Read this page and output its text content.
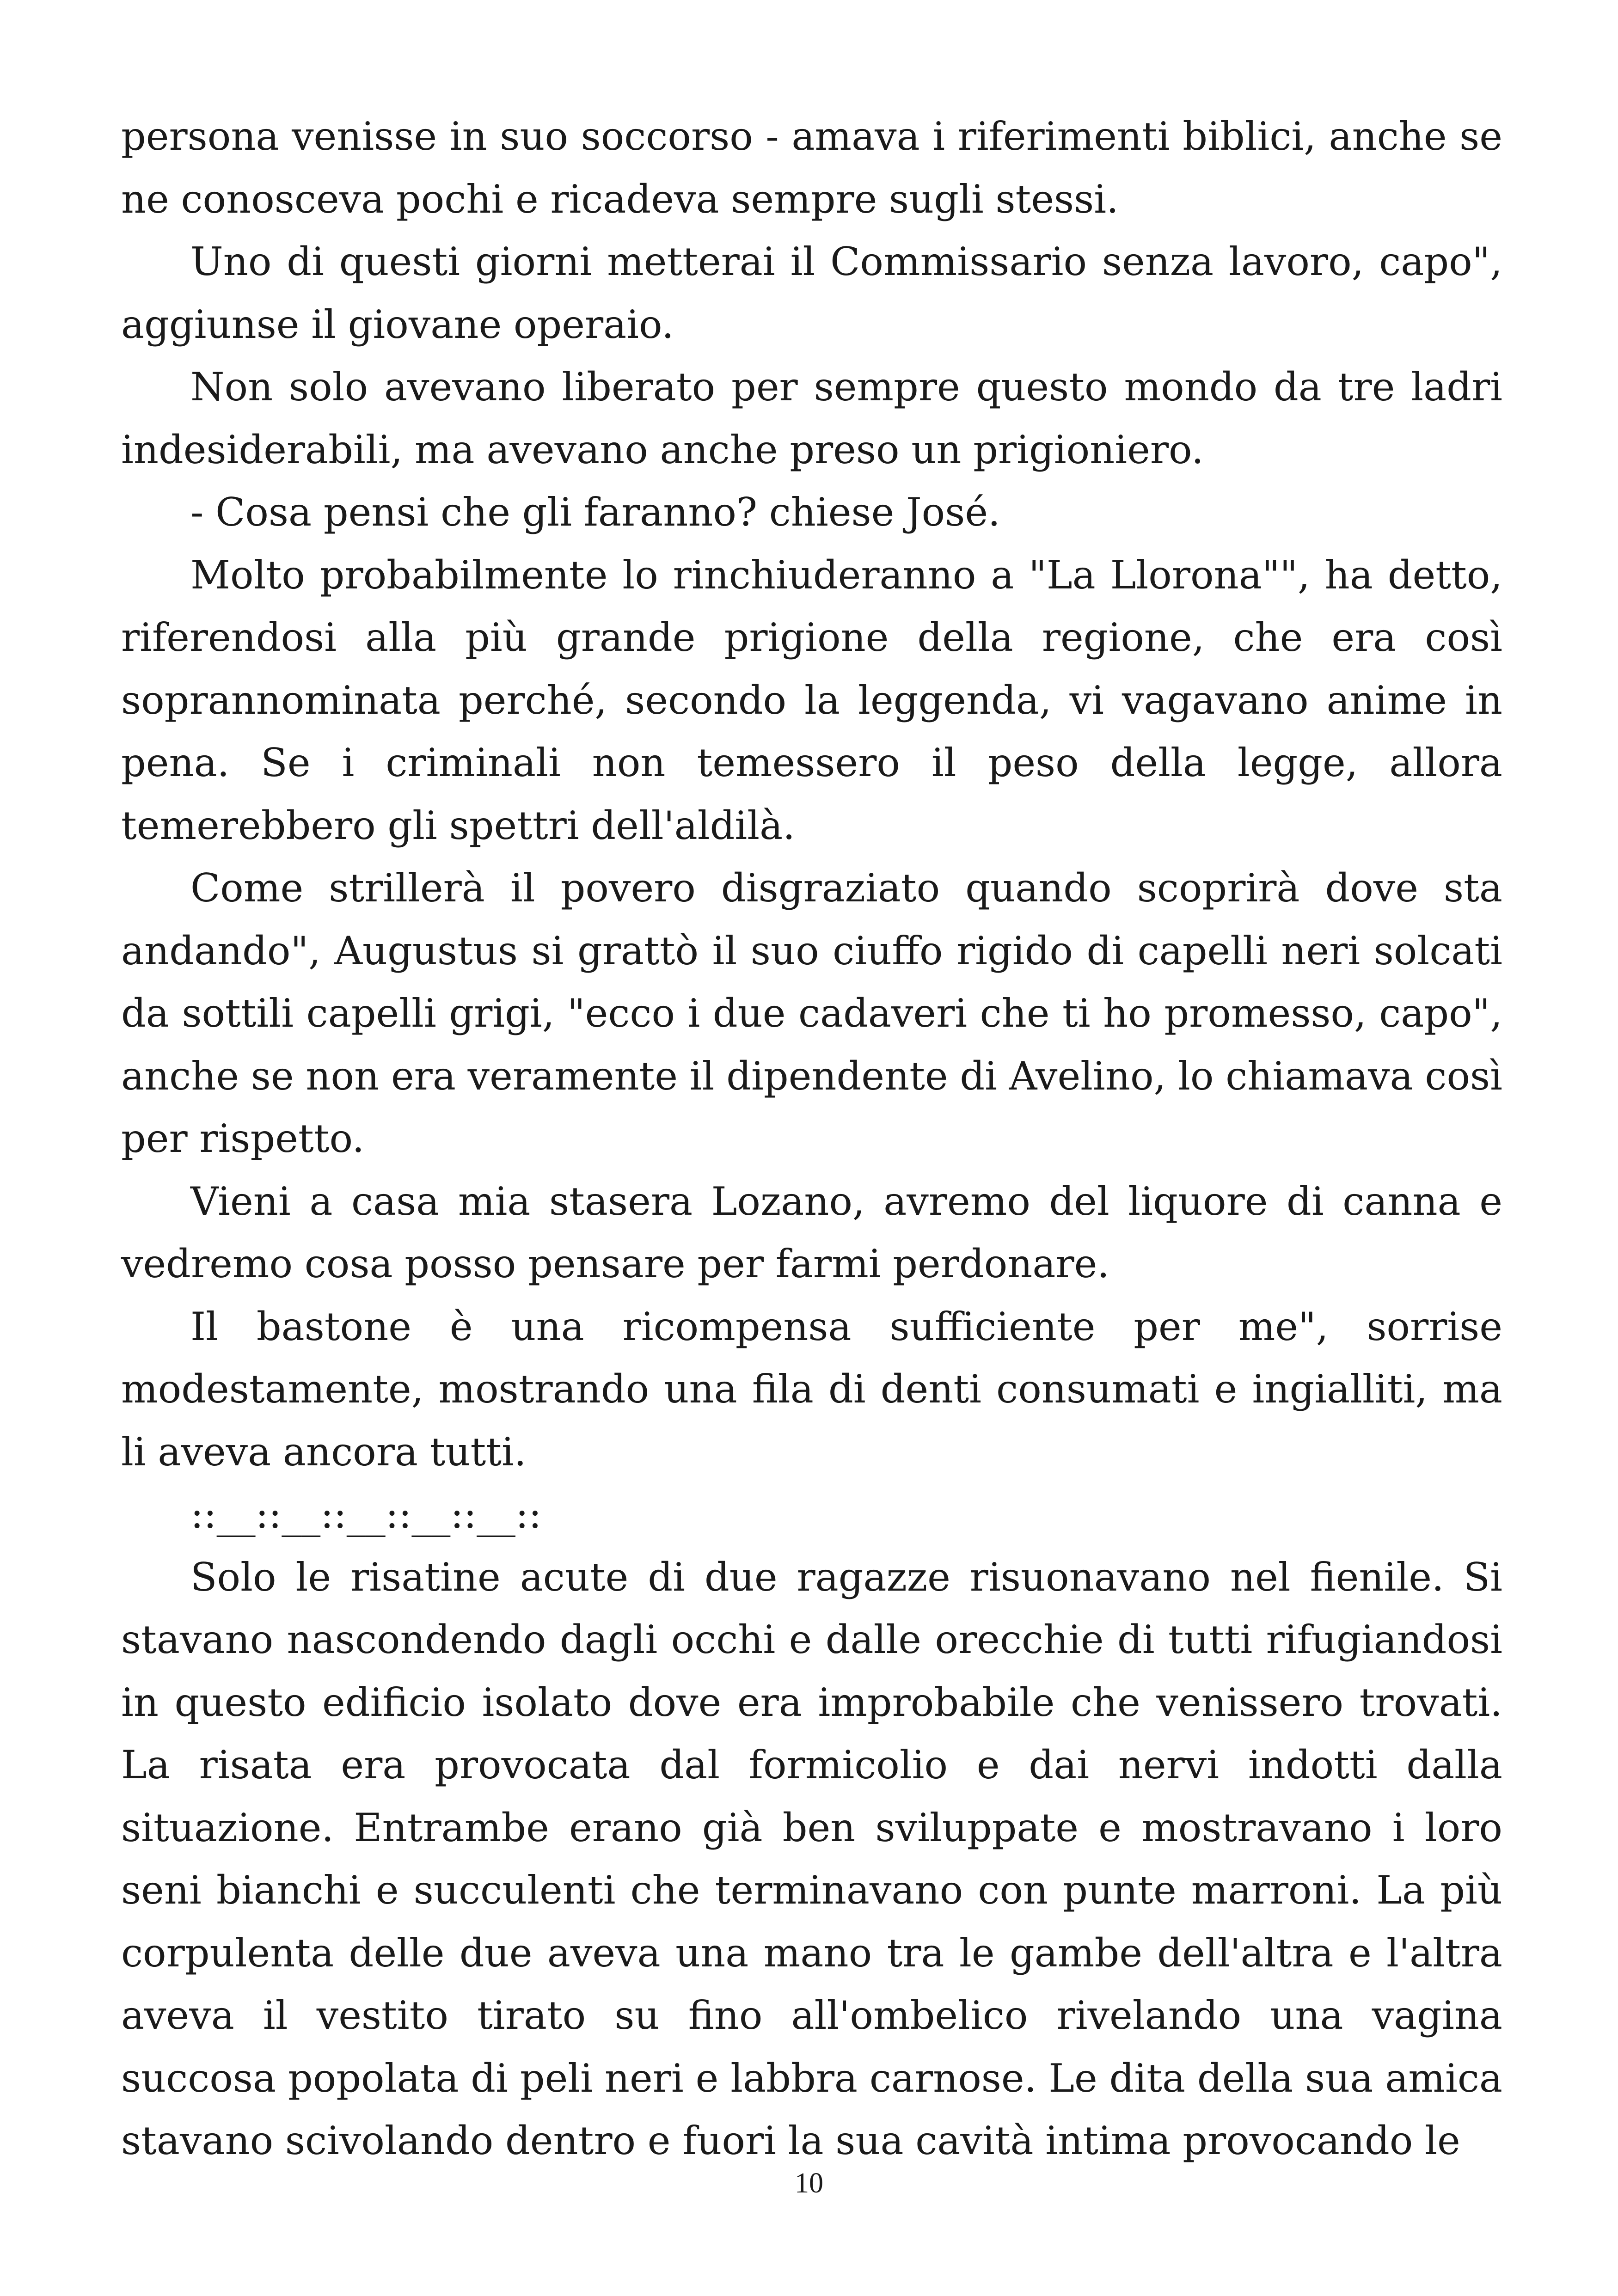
persona venisse in suo soccorso - amava i riferimenti biblici, anche se ne conosceva pochi e ricadeva sempre sugli stessi.

Uno di questi giorni metterai il Commissario senza lavoro, capo", aggiunse il giovane operaio.

Non solo avevano liberato per sempre questo mondo da tre ladri indesiderabili, ma avevano anche preso un prigioniero.

- Cosa pensi che gli faranno? chiese José.

Molto probabilmente lo rinchiuderanno a "La Llorona"", ha detto, riferendosi alla più grande prigione della regione, che era così soprannominata perché, secondo la leggenda, vi vagavano anime in pena. Se i criminali non temessero il peso della legge, allora temerebbero gli spettri dell'aldilà.

Come strillerà il povero disgraziato quando scoprirà dove sta andando", Augustus si grattò il suo ciuffo rigido di capelli neri solcati da sottili capelli grigi, "ecco i due cadaveri che ti ho promesso, capo", anche se non era veramente il dipendente di Avelino, lo chiamava così per rispetto.

Vieni a casa mia stasera Lozano, avremo del liquore di canna e vedremo cosa posso pensare per farmi perdonare.

Il bastone è una ricompensa sufficiente per me", sorrise modestamente, mostrando una fila di denti consumati e ingialliti, ma li aveva ancora tutti.

::__::__::__::__::__::

Solo le risatine acute di due ragazze risuonavano nel fienile. Si stavano nascondendo dagli occhi e dalle orecchie di tutti rifugiandosi in questo edificio isolato dove era improbabile che venissero trovati. La risata era provocata dal formicolio e dai nervi indotti dalla situazione. Entrambe erano già ben sviluppate e mostravano i loro seni bianchi e succulenti che terminavano con punte marroni. La più corpulenta delle due aveva una mano tra le gambe dell'altra e l'altra aveva il vestito tirato su fino all'ombelico rivelando una vagina succosa popolata di peli neri e labbra carnose. Le dita della sua amica stavano scivolando dentro e fuori la sua cavità intima provocando le

10
